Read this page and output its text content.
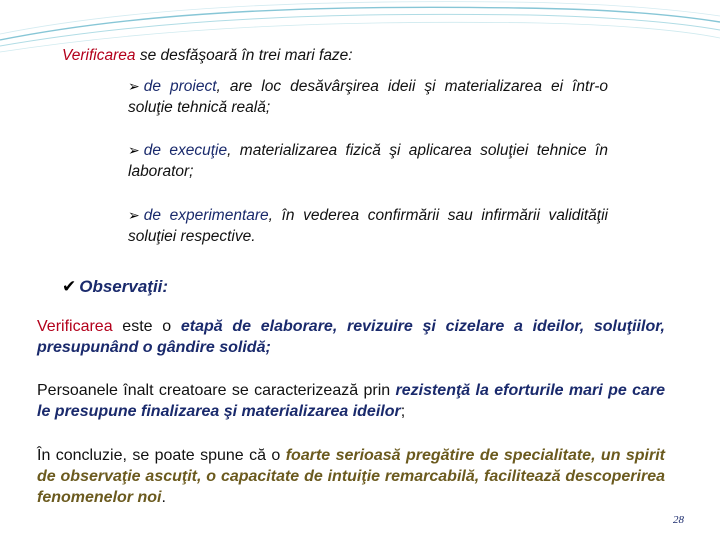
Verificarea se desfăşoară în trei mari faze:
➢ de proiect, are loc desăvârşirea ideii şi materializarea ei într-o soluţie tehnică reală;
➢ de execuţie, materializarea fizică şi aplicarea soluţiei tehnice în laborator;
➢ de experimentare, în vederea confirmării sau infirmării validităţii soluţiei respective.
✔ Observaţii:
Verificarea este o etapă de elaborare, revizuire şi cizelare a ideilor, soluţiilor, presupunând o gândire solidă;
Persoanele înalt creatoare se caracterizează prin rezistenţă la eforturile mari pe care le presupune finalizarea şi materializarea ideilor;
În concluzie, se poate spune că o foarte serioasă pregătire de specialitate, un spirit de observaţie ascuţit, o capacitate de intuiţie remarcabilă, facilitează descoperirea fenomenelor noi.
28
